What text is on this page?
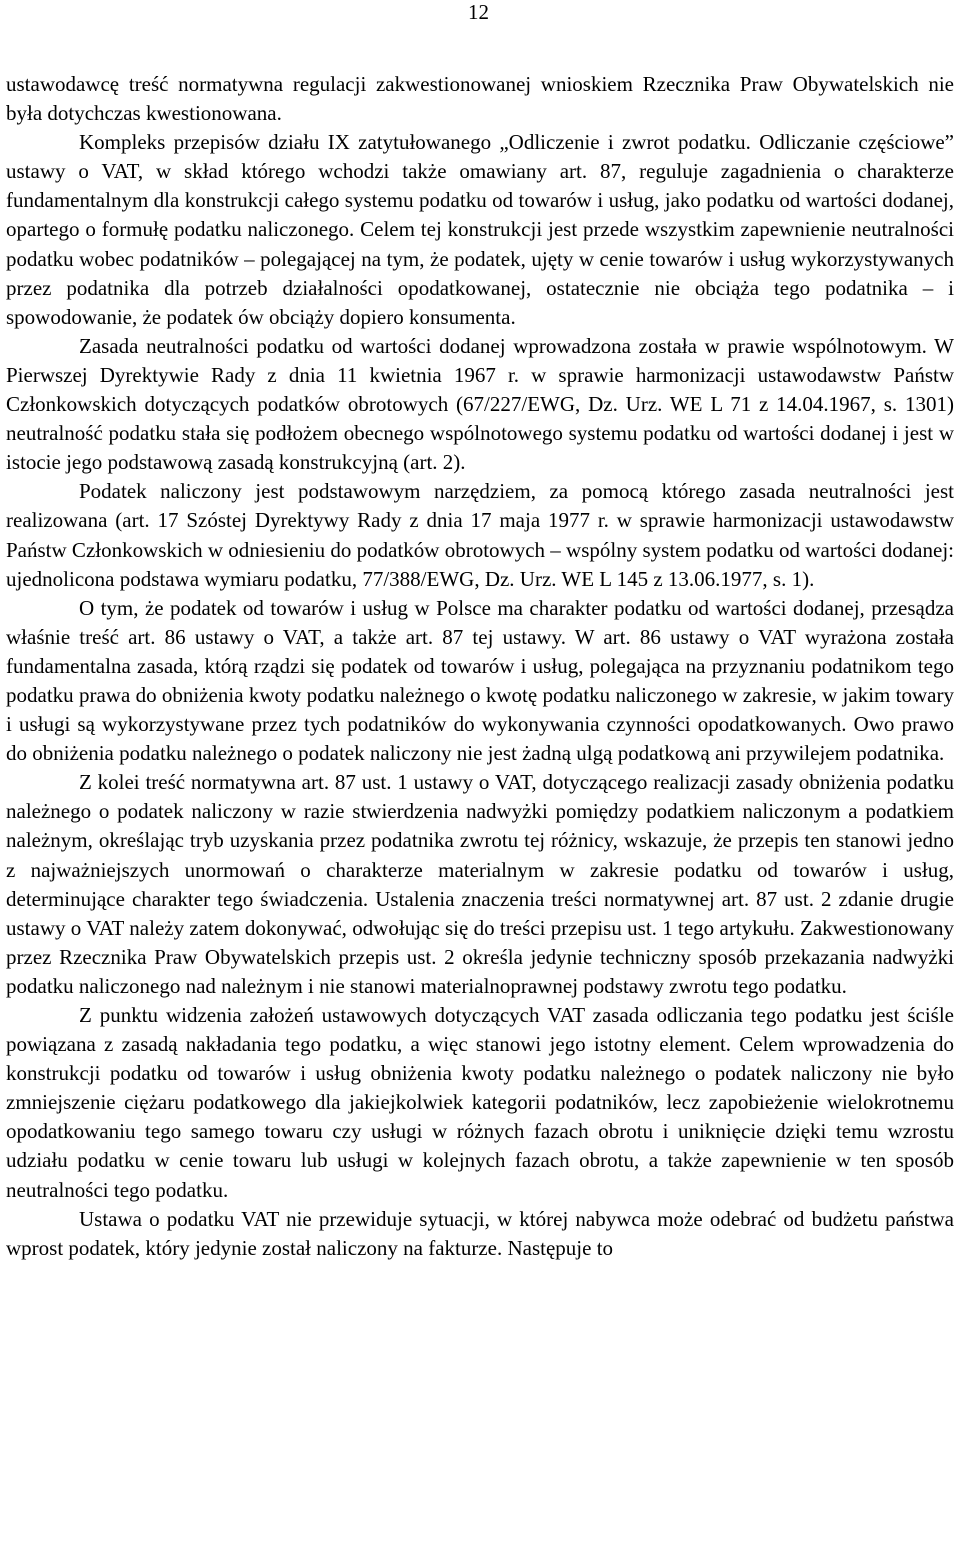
12

ustawodawcę treść normatywna regulacji zakwestionowanej wnioskiem Rzecznika Praw Obywatelskich nie była dotychczas kwestionowana.

Kompleks przepisów działu IX zatytułowanego „Odliczenie i zwrot podatku. Odliczanie częściowe” ustawy o VAT, w skład którego wchodzi także omawiany art. 87, reguluje zagadnienia o charakterze fundamentalnym dla konstrukcji całego systemu podatku od towarów i usług, jako podatku od wartości dodanej, opartego o formułę podatku naliczonego. Celem tej konstrukcji jest przede wszystkim zapewnienie neutralności podatku wobec podatników – polegającej na tym, że podatek, ujęty w cenie towarów i usług wykorzystywanych przez podatnika dla potrzeb działalności opodatkowanej, ostatecznie nie obciąża tego podatnika – i spowodowanie, że podatek ów obciąży dopiero konsumenta.

Zasada neutralności podatku od wartości dodanej wprowadzona została w prawie wspólnotowym. W Pierwszej Dyrektywie Rady z dnia 11 kwietnia 1967 r. w sprawie harmonizacji ustawodawstw Państw Członkowskich dotyczących podatków obrotowych (67/227/EWG, Dz. Urz. WE L 71 z 14.04.1967, s. 1301) neutralność podatku stała się podłożem obecnego wspólnotowego systemu podatku od wartości dodanej i jest w istocie jego podstawową zasadą konstrukcyjną (art. 2).

Podatek naliczony jest podstawowym narzędziem, za pomocą którego zasada neutralności jest realizowana (art. 17 Szóstej Dyrektywy Rady z dnia 17 maja 1977 r. w sprawie harmonizacji ustawodawstw Państw Członkowskich w odniesieniu do podatków obrotowych – wspólny system podatku od wartości dodanej: ujednolicona podstawa wymiaru podatku, 77/388/EWG, Dz. Urz. WE L 145 z 13.06.1977, s. 1).

O tym, że podatek od towarów i usług w Polsce ma charakter podatku od wartości dodanej, przesądza właśnie treść art. 86 ustawy o VAT, a także art. 87 tej ustawy. W art. 86 ustawy o VAT wyrażona została fundamentalna zasada, którą rządzi się podatek od towarów i usług, polegająca na przyznaniu podatnikom tego podatku prawa do obniżenia kwoty podatku należnego o kwotę podatku naliczonego w zakresie, w jakim towary i usługi są wykorzystywane przez tych podatników do wykonywania czynności opodatkowanych. Owo prawo do obniżenia podatku należnego o podatek naliczony nie jest żadną ulgą podatkową ani przywilejem podatnika.

Z kolei treść normatywna art. 87 ust. 1 ustawy o VAT, dotyczącego realizacji zasady obniżenia podatku należnego o podatek naliczony w razie stwierdzenia nadwyżki pomiędzy podatkiem naliczonym a podatkiem należnym, określając tryb uzyskania przez podatnika zwrotu tej różnicy, wskazuje, że przepis ten stanowi jedno z najważniejszych unormowań o charakterze materialnym w zakresie podatku od towarów i usług, determinujące charakter tego świadczenia. Ustalenia znaczenia treści normatywnej art. 87 ust. 2 zdanie drugie ustawy o VAT należy zatem dokonywać, odwołując się do treści przepisu ust. 1 tego artykułu. Zakwestionowany przez Rzecznika Praw Obywatelskich przepis ust. 2 określa jedynie techniczny sposób przekazania nadwyżki podatku naliczonego nad należnym i nie stanowi materialnoprawnej podstawy zwrotu tego podatku.

Z punktu widzenia założeń ustawowych dotyczących VAT zasada odliczania tego podatku jest ściśle powiązana z zasadą nakładania tego podatku, a więc stanowi jego istotny element. Celem wprowadzenia do konstrukcji podatku od towarów i usług obniżenia kwoty podatku należnego o podatek naliczony nie było zmniejszenie ciężaru podatkowego dla jakiejkolwiek kategorii podatników, lecz zapobieżenie wielokrotnemu opodatkowaniu tego samego towaru czy usługi w różnych fazach obrotu i uniknięcie dzięki temu wzrostu udziału podatku w cenie towaru lub usługi w kolejnych fazach obrotu, a także zapewnienie w ten sposób neutralności tego podatku.

Ustawa o podatku VAT nie przewiduje sytuacji, w której nabywca może odebrać od budżetu państwa wprost podatek, który jedynie został naliczony na fakturze. Następuje to
